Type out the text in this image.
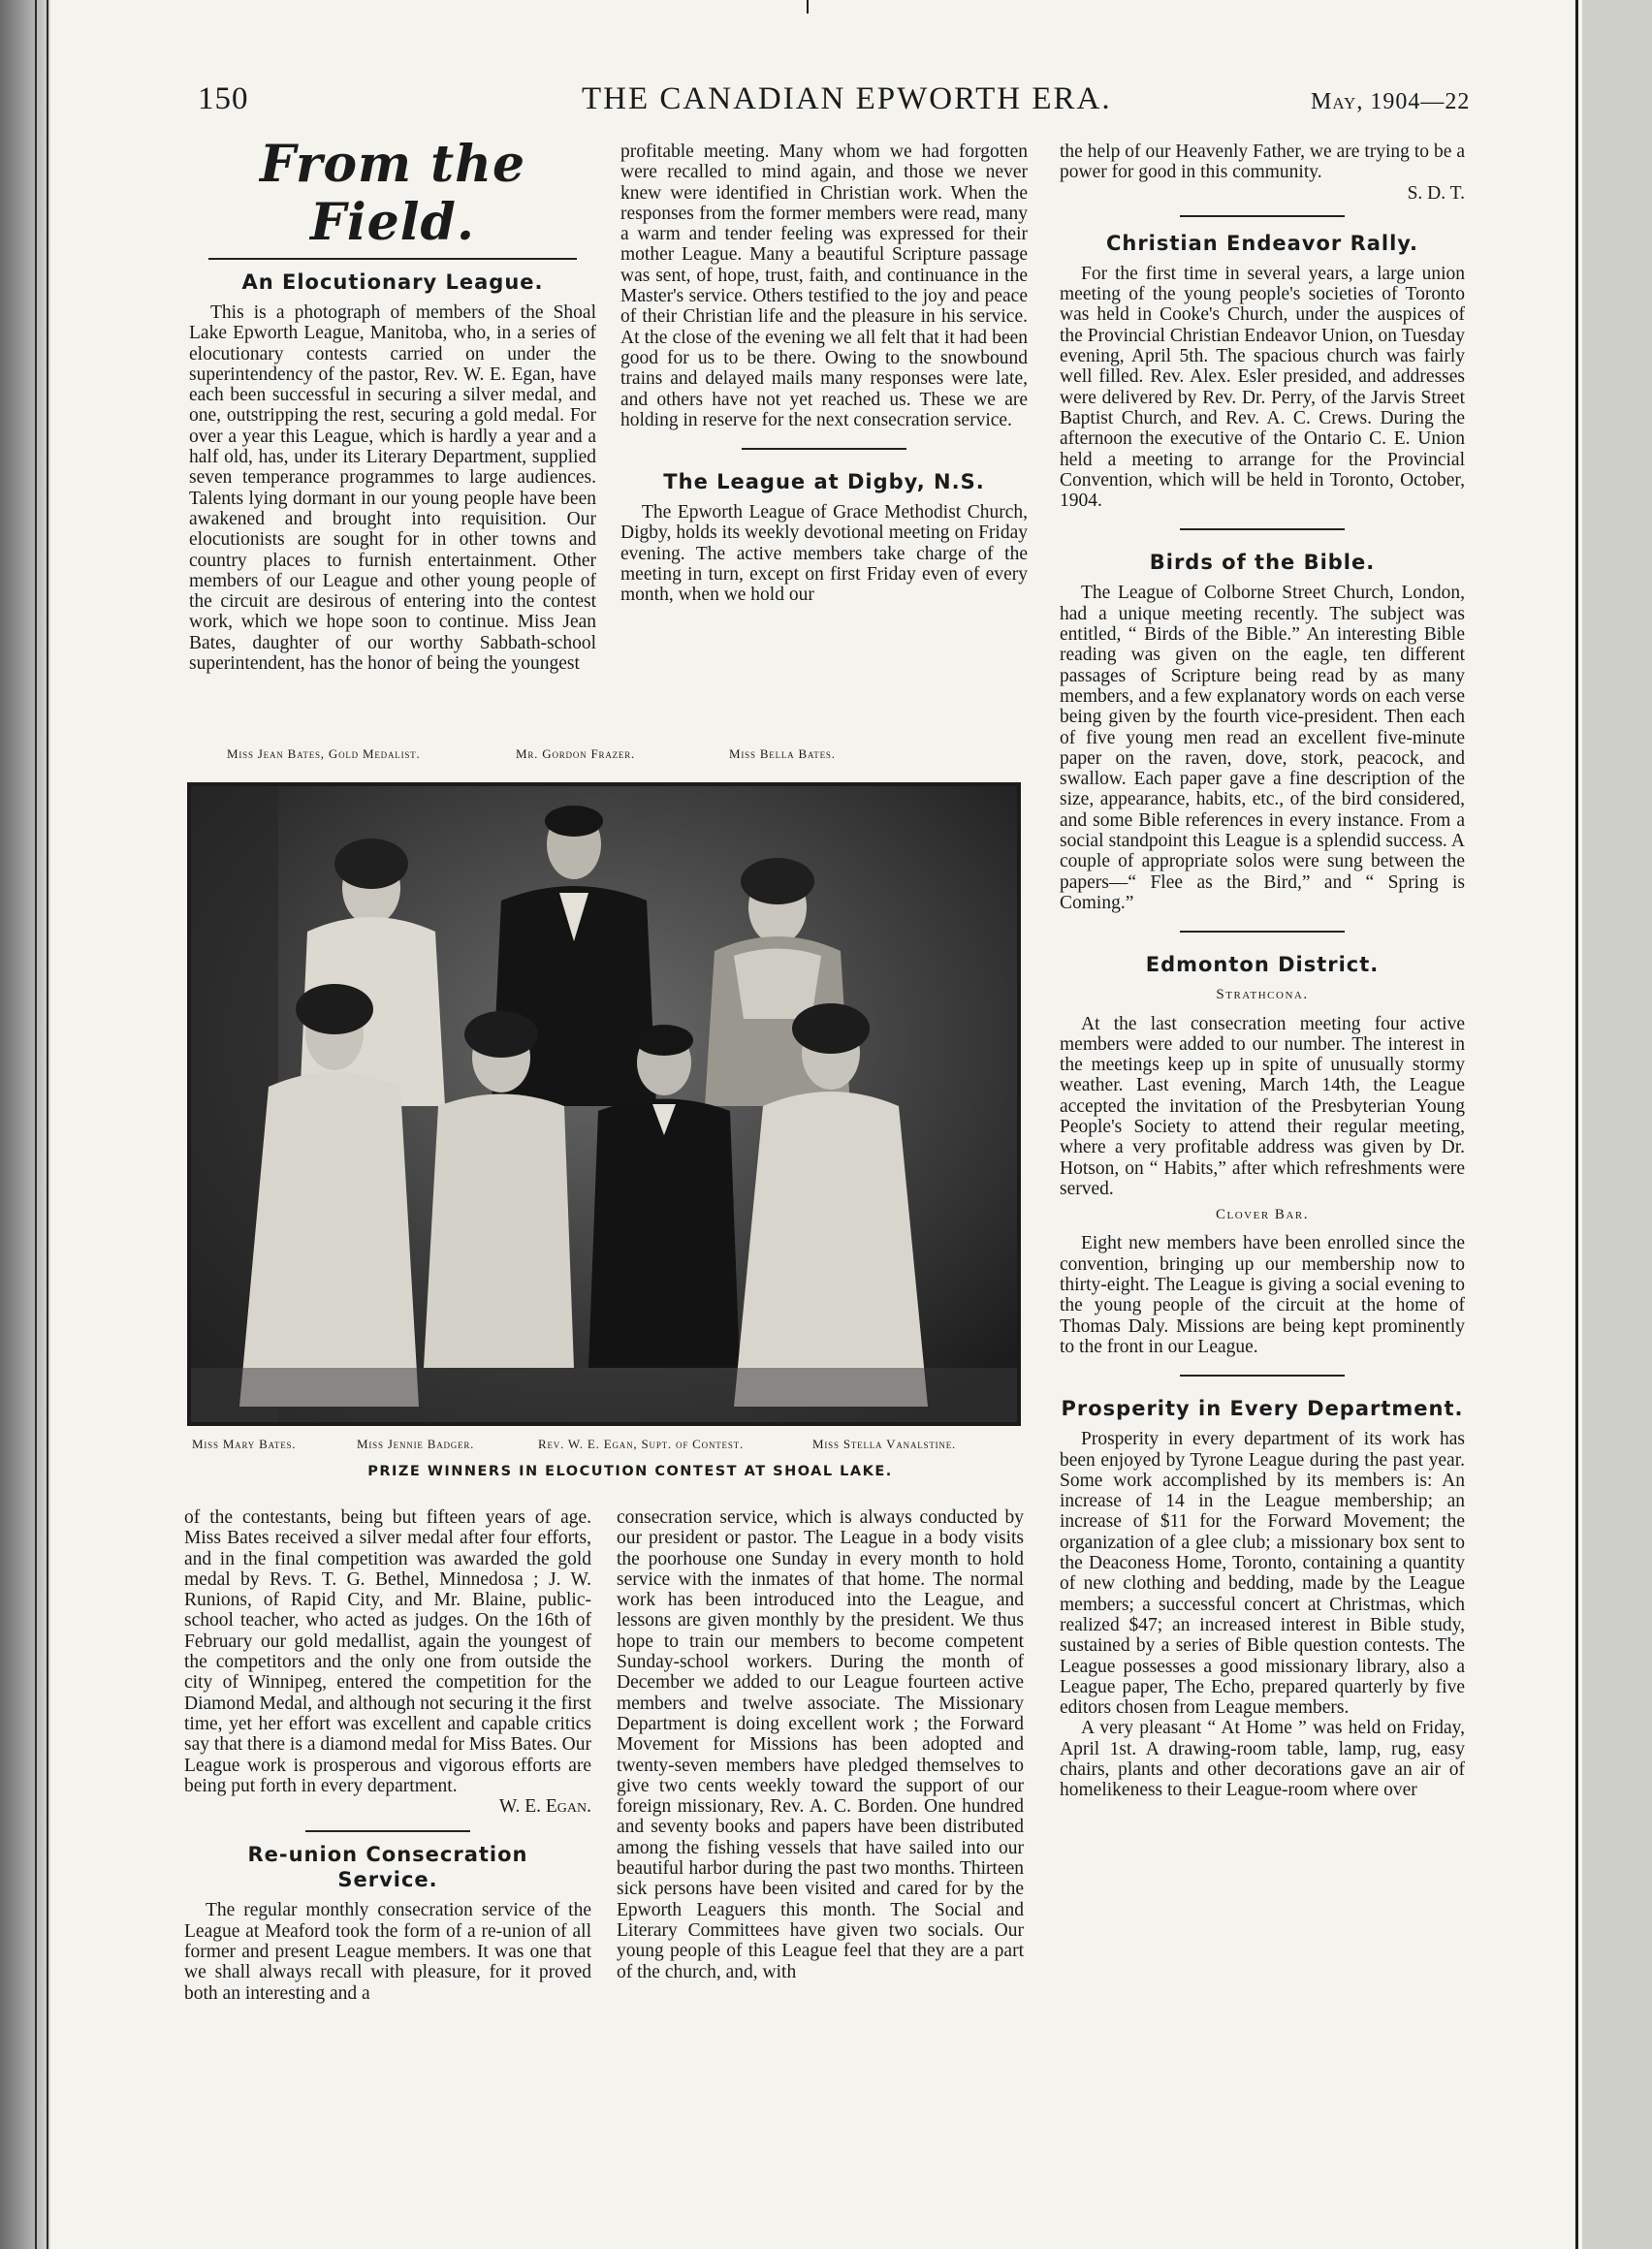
150	THE CANADIAN EPWORTH ERA.	May, 1904—22

From the Field.

An Elocutionary League.

This is a photograph of members of the Shoal Lake Epworth League, Manitoba, who, in a series of elocutionary contests carried on under the superintendency of the pastor, Rev. W. E. Egan, have each been successful in securing a silver medal, and one, outstripping the rest, securing a gold medal. For over a year this League, which is hardly a year and a half old, has, under its Literary Department, supplied seven temperance programmes to large audiences. Talents lying dormant in our young people have been awakened and brought into requisition. Our elocutionists are sought for in other towns and country places to furnish entertainment. Other members of our League and other young people of the circuit are desirous of entering into the contest work, which we hope soon to continue. Miss Jean Bates, daughter of our worthy Sabbath-school superintendent, has the honor of being the youngest

profitable meeting. Many whom we had forgotten were recalled to mind again, and those we never knew were identified in Christian work. When the responses from the former members were read, many a warm and tender feeling was expressed for their mother League. Many a beautiful Scripture passage was sent, of hope, trust, faith, and continuance in the Master's service. Others testified to the joy and peace of their Christian life and the pleasure in his service. At the close of the evening we all felt that it had been good for us to be there. Owing to the snowbound trains and delayed mails many responses were late, and others have not yet reached us. These we are holding in reserve for the next consecration service.

The League at Digby, N.S.

The Epworth League of Grace Methodist Church, Digby, holds its weekly devotional meeting on Friday evening. The active members take charge of the meeting in turn, except on first Friday even of every month, when we hold our

the help of our Heavenly Father, we are trying to be a power for good in this community.

S. D. T.

Christian Endeavor Rally.

For the first time in several years, a large union meeting of the young people's societies of Toronto was held in Cooke's Church, under the auspices of the Provincial Christian Endeavor Union, on Tuesday evening, April 5th. The spacious church was fairly well filled. Rev. Alex. Esler presided, and addresses were delivered by Rev. Dr. Perry, of the Jarvis Street Baptist Church, and Rev. A. C. Crews. During the afternoon the executive of the Ontario C. E. Union held a meeting to arrange for the Provincial Convention, which will be held in Toronto, October, 1904.

Birds of the Bible.

The League of Colborne Street Church, London, had a unique meeting recently. The subject was entitled, “ Birds of the Bible.” An interesting Bible reading was given on the eagle, ten different passages of Scripture being read by as many members, and a few explanatory words on each verse being given by the fourth vice-president. Then each of five young men read an excellent five-minute paper on the raven, dove, stork, peacock, and swallow. Each paper gave a fine description of the size, appearance, habits, etc., of the bird considered, and some Bible references in every instance. From a social standpoint this League is a splendid success. A couple of appropriate solos were sung between the papers—“ Flee as the Bird,” and “ Spring is Coming.”

Edmonton District.
Strathcona.

At the last consecration meeting four active members were added to our number. The interest in the meetings keep up in spite of unusually stormy weather. Last evening, March 14th, the League accepted the invitation of the Presbyterian Young People's Society to attend their regular meeting, where a very profitable address was given by Dr. Hotson, on “ Habits,” after which refreshments were served.

Clover Bar.

Eight new members have been enrolled since the convention, bringing up our membership now to thirty-eight. The League is giving a social evening to the young people of the circuit at the home of Thomas Daly. Missions are being kept prominently to the front in our League.

Prosperity in Every Department.

Prosperity in every department of its work has been enjoyed by Tyrone League during the past year. Some work accomplished by its members is: An increase of 14 in the League membership; an increase of $11 for the Forward Movement; the organization of a glee club; a missionary box sent to the Deaconess Home, Toronto, containing a quantity of new clothing and bedding, made by the League members; a successful concert at Christmas, which realized $47; an increased interest in Bible study, sustained by a series of Bible question contests. The League possesses a good missionary library, also a League paper, The Echo, prepared quarterly by five editors chosen from League members.

A very pleasant “ At Home ” was held on Friday, April 1st. A drawing-room table, lamp, rug, easy chairs, plants and other decorations gave an air of homelikeness to their League-room where over

Miss Jean Bates, Gold Medalist.	Mr. Gordon Frazer.	Miss Bella Bates.
Miss Mary Bates.	Miss Jennie Badger.	Rev. W. E. Egan, Supt. of Contest.	Miss Stella Vanalstine.
PRIZE WINNERS IN ELOCUTION CONTEST AT SHOAL LAKE.

of the contestants, being but fifteen years of age. Miss Bates received a silver medal after four efforts, and in the final competition was awarded the gold medal by Revs. T. G. Bethel, Minnedosa ; J. W. Runions, of Rapid City, and Mr. Blaine, public-school teacher, who acted as judges. On the 16th of February our gold medallist, again the youngest of the competitors and the only one from outside the city of Winnipeg, entered the competition for the Diamond Medal, and although not securing it the first time, yet her effort was excellent and capable critics say that there is a diamond medal for Miss Bates. Our League work is prosperous and vigorous efforts are being put forth in every department.

W. E. Egan.

Re-union Consecration Service.

The regular monthly consecration service of the League at Meaford took the form of a re-union of all former and present League members. It was one that we shall always recall with pleasure, for it proved both an interesting and a

consecration service, which is always conducted by our president or pastor. The League in a body visits the poorhouse one Sunday in every month to hold service with the inmates of that home. The normal work has been introduced into the League, and lessons are given monthly by the president. We thus hope to train our members to become competent Sunday-school workers. During the month of December we added to our League fourteen active members and twelve associate. The Missionary Department is doing excellent work ; the Forward Movement for Missions has been adopted and twenty-seven members have pledged themselves to give two cents weekly toward the support of our foreign missionary, Rev. A. C. Borden. One hundred and seventy books and papers have been distributed among the fishing vessels that have sailed into our beautiful harbor during the past two months. Thirteen sick persons have been visited and cared for by the Epworth Leaguers this month. The Social and Literary Committees have given two socials. Our young people of this League feel that they are a part of the church, and, with
